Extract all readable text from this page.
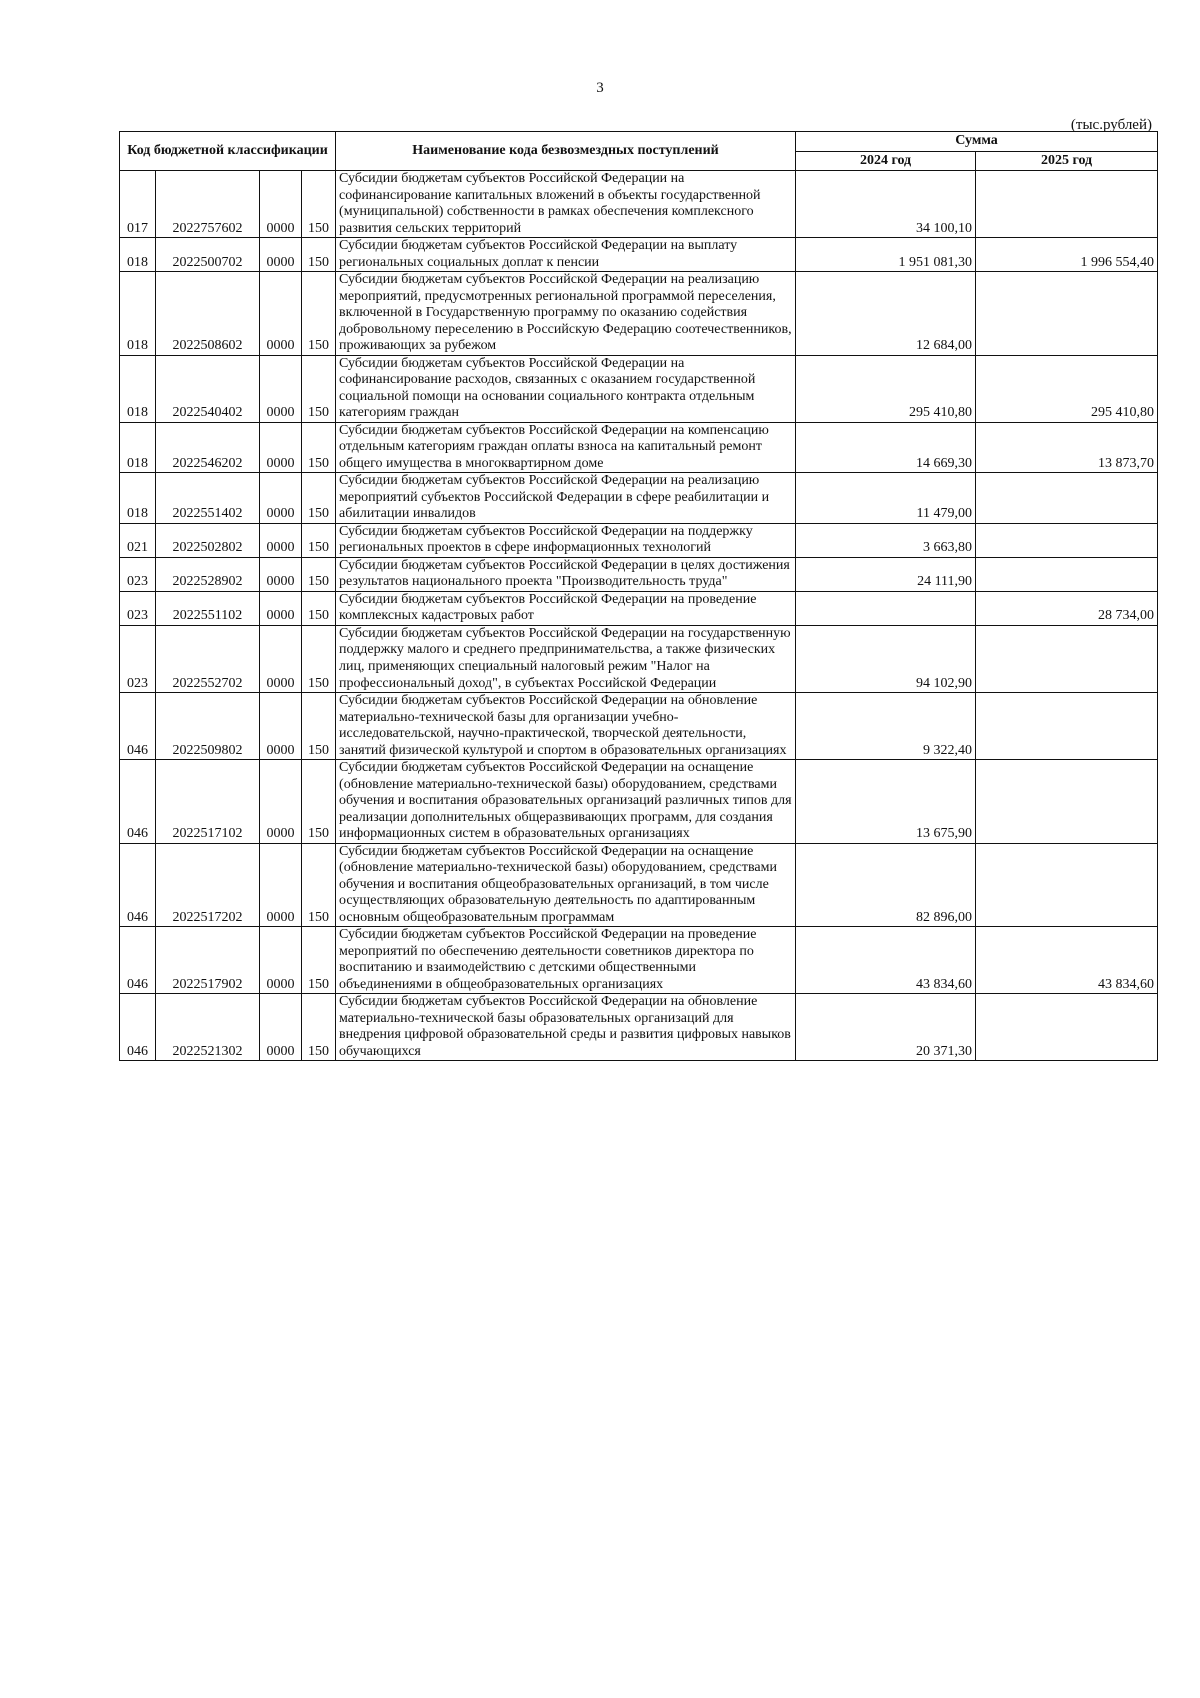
3
(тыс.рублей)
Код бюджетной классификации				Наименование кода безвозмездных поступлений	Сумма	
					2024 год	2025 год
017	2022757602	0000	150	Субсидии бюджетам субъектов Российской Федерации на софинансирование капитальных вложений в объекты государственной (муниципальной) собственности в рамках обеспечения комплексного развития сельских территорий	34 100,10	
018	2022500702	0000	150	Субсидии бюджетам субъектов Российской Федерации на выплату региональных социальных доплат к пенсии	1 951 081,30	1 996 554,40
018	2022508602	0000	150	Субсидии бюджетам субъектов Российской Федерации на реализацию мероприятий, предусмотренных региональной программой переселения, включенной в Государственную программу по оказанию содействия добровольному переселению в Российскую Федерацию соотечественников, проживающих за рубежом	12 684,00	
018	2022540402	0000	150	Субсидии бюджетам субъектов Российской Федерации на софинансирование расходов, связанных с оказанием государственной социальной помощи на основании социального контракта отдельным категориям граждан	295 410,80	295 410,80
018	2022546202	0000	150	Субсидии бюджетам субъектов Российской Федерации на компенсацию отдельным категориям граждан оплаты взноса на капитальный ремонт общего имущества в многоквартирном доме	14 669,30	13 873,70
018	2022551402	0000	150	Субсидии бюджетам субъектов Российской Федерации на реализацию мероприятий субъектов Российской Федерации в сфере реабилитации и абилитации инвалидов	11 479,00	
021	2022502802	0000	150	Субсидии бюджетам субъектов Российской Федерации на поддержку региональных проектов в сфере информационных технологий	3 663,80	
023	2022528902	0000	150	Субсидии бюджетам субъектов Российской Федерации в целях достижения результатов национального проекта "Производительность труда"	24 111,90	
023	2022551102	0000	150	Субсидии бюджетам субъектов Российской Федерации на проведение комплексных кадастровых работ		28 734,00
023	2022552702	0000	150	Субсидии бюджетам субъектов Российской Федерации на государственную поддержку малого и среднего предпринимательства, а также физических лиц, применяющих специальный налоговый режим "Налог на профессиональный доход", в субъектах Российской Федерации	94 102,90	
046	2022509802	0000	150	Субсидии бюджетам субъектов Российской Федерации на обновление материально-технической базы для организации учебно-исследовательской, научно-практической, творческой деятельности, занятий физической культурой и спортом в образовательных организациях	9 322,40	
046	2022517102	0000	150	Субсидии бюджетам субъектов Российской Федерации на оснащение (обновление материально-технической базы) оборудованием, средствами обучения и воспитания образовательных организаций различных типов для реализации дополнительных общеразвивающих программ, для создания информационных систем в образовательных организациях	13 675,90	
046	2022517202	0000	150	Субсидии бюджетам субъектов Российской Федерации на оснащение (обновление материально-технической базы) оборудованием, средствами обучения и воспитания общеобразовательных организаций, в том числе осуществляющих образовательную деятельность по адаптированным основным общеобразовательным программам	82 896,00	
046	2022517902	0000	150	Субсидии бюджетам субъектов Российской Федерации на проведение мероприятий по обеспечению деятельности советников директора по воспитанию и взаимодействию с детскими общественными объединениями в общеобразовательных организациях	43 834,60	43 834,60
046	2022521302	0000	150	Субсидии бюджетам субъектов Российской Федерации на обновление материально-технической базы образовательных организаций для внедрения цифровой образовательной среды и развития цифровых навыков обучающихся	20 371,30	
